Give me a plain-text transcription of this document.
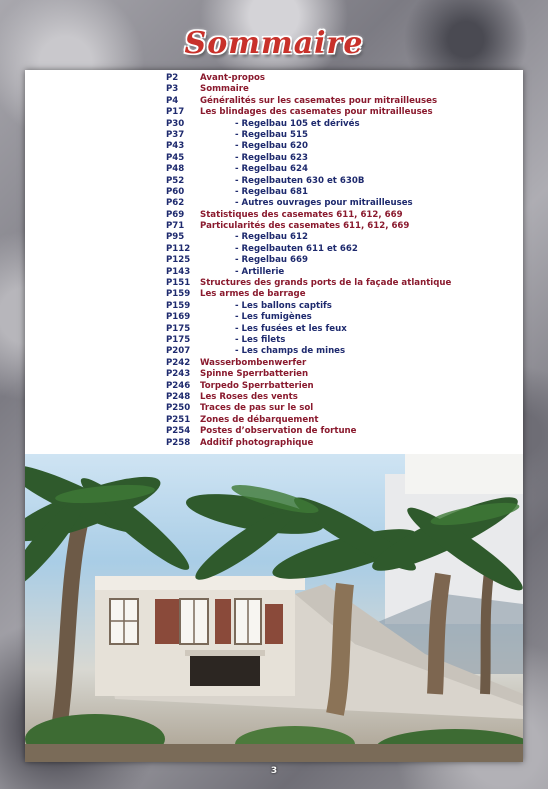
Sommaire
P2	Avant-propos
P3	Sommaire
P4	Généralités sur les casemates pour mitrailleuses
P17 Les blindages des casemates pour mitrailleuses
P30	- Regelbau 105 et dérivés
P37	- Regelbau 515
P43	- Regelbau 620
P45	- Regelbau 623
P48	- Regelbau 624
P52	- Regelbauten 630 et 630B
P60	- Regelbau 681
P62	- Autres ouvrages pour mitrailleuses
P69 Statistiques des casemates 611, 612, 669
P71 Particularités des casemates 611, 612, 669
P95	- Regelbau 612
P112	- Regelbauten 611 et 662
P125	- Regelbau 669
P143	- Artillerie
P151 Structures des grands ports de la façade atlantique
P159 Les armes de barrage
P159	- Les ballons captifs
P169	- Les fumigènes
P175	- Les fusées et les feux
P175	- Les filets
P207	- Les champs de mines
P242 Wasserbombenwerfer
P243 Spinne Sperrbatterien
P246 Torpedo Sperrbatterien
P248 Les Roses des vents
P250 Traces de pas sur le sol
P251 Zones de débarquement
P254 Postes d’observation de fortune
P258 Additif photographique
3
